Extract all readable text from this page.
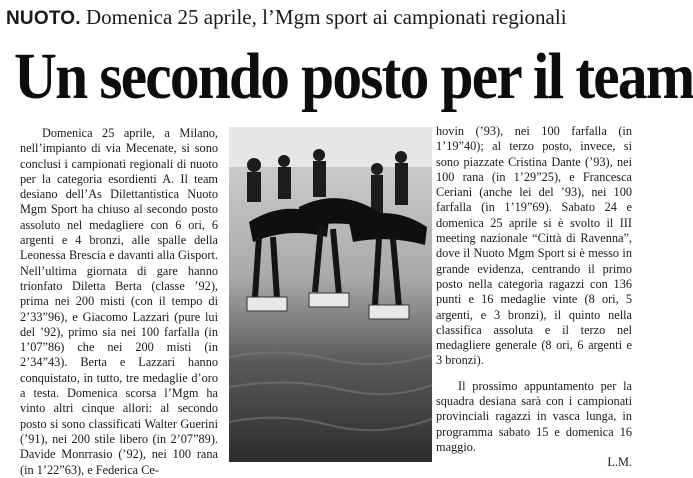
NUOTO. Domenica 25 aprile, l’Mgm sport ai campionati regionali
Un secondo posto per il team

Domenica 25 aprile, a Milano, nell’impianto di via Mecenate, si sono conclusi i campionati regionali di nuoto per la categoria esordienti A. Il team desiano dell’As Dilettantistica Nuoto Mgm Sport ha chiuso al secondo posto assoluto nel medagliere con 6 ori, 6 argenti e 4 bronzi, alle spalle della Leonessa Brescia e davanti alla Gisport. Nell’ultima giornata di gare hanno trionfato Diletta Berta (classe ’92), prima nei 200 misti (con il tempo di 2’33”96), e Giacomo Lazzari (pure lui del ’92), primo sia nei 100 farfalla (in 1’07”86) che nei 200 misti (in 2’34”43). Berta e Lazzari hanno conquistato, in tutto, tre medaglie d’oro a testa. Domenica scorsa l’Mgm ha vinto altri cinque allori: al secondo posto si sono classificati Walter Guerini (’91), nei 200 stile libero (in 2’07”89). Davide Monrrasio (’92), nei 100 rana (in 1’22”63), e Federica Ce-

hovin (’93), nei 100 farfalla (in 1’19”40); al terzo posto, invece, si sono piazzate Cristina Dante (’93), nei 100 rana (in 1’29”25), e Francesca Ceriani (anche lei del ’93), nei 100 farfalla (in 1’19”69). Sabato 24 e domenica 25 aprile si è svolto il III meeting nazionale “Città di Ravenna”, dove il Nuoto Mgm Sport si è messo in grande evidenza, centrando il primo posto nella categoria ragazzi con 136 punti e 16 medaglie vinte (8 ori, 5 argenti, e 3 bronzi), il quinto nella classifica assoluta e il terzo nel medagliere generale (8 ori, 6 argenti e 3 bronzi).

Il prossimo appuntamento per la squadra desiana sarà con i campionati provinciali ragazzi in vasca lunga, in programma sabato 15 e domenica 16 maggio.

L.M.
